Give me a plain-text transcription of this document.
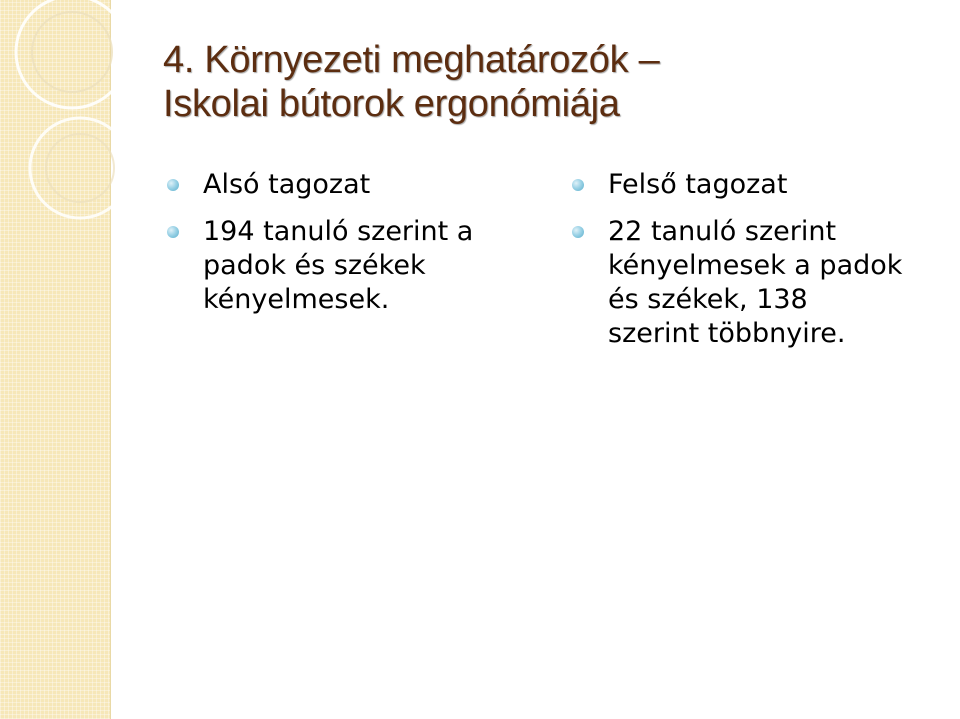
4. Környezeti meghatározók –
Iskolai bútorok ergonómiája
Alsó tagozat
194 tanuló szerint a
padok és székek
kényelmesek.
Felső tagozat
22 tanuló szerint
kényelmesek a padok
és székek, 138
szerint többnyire.
